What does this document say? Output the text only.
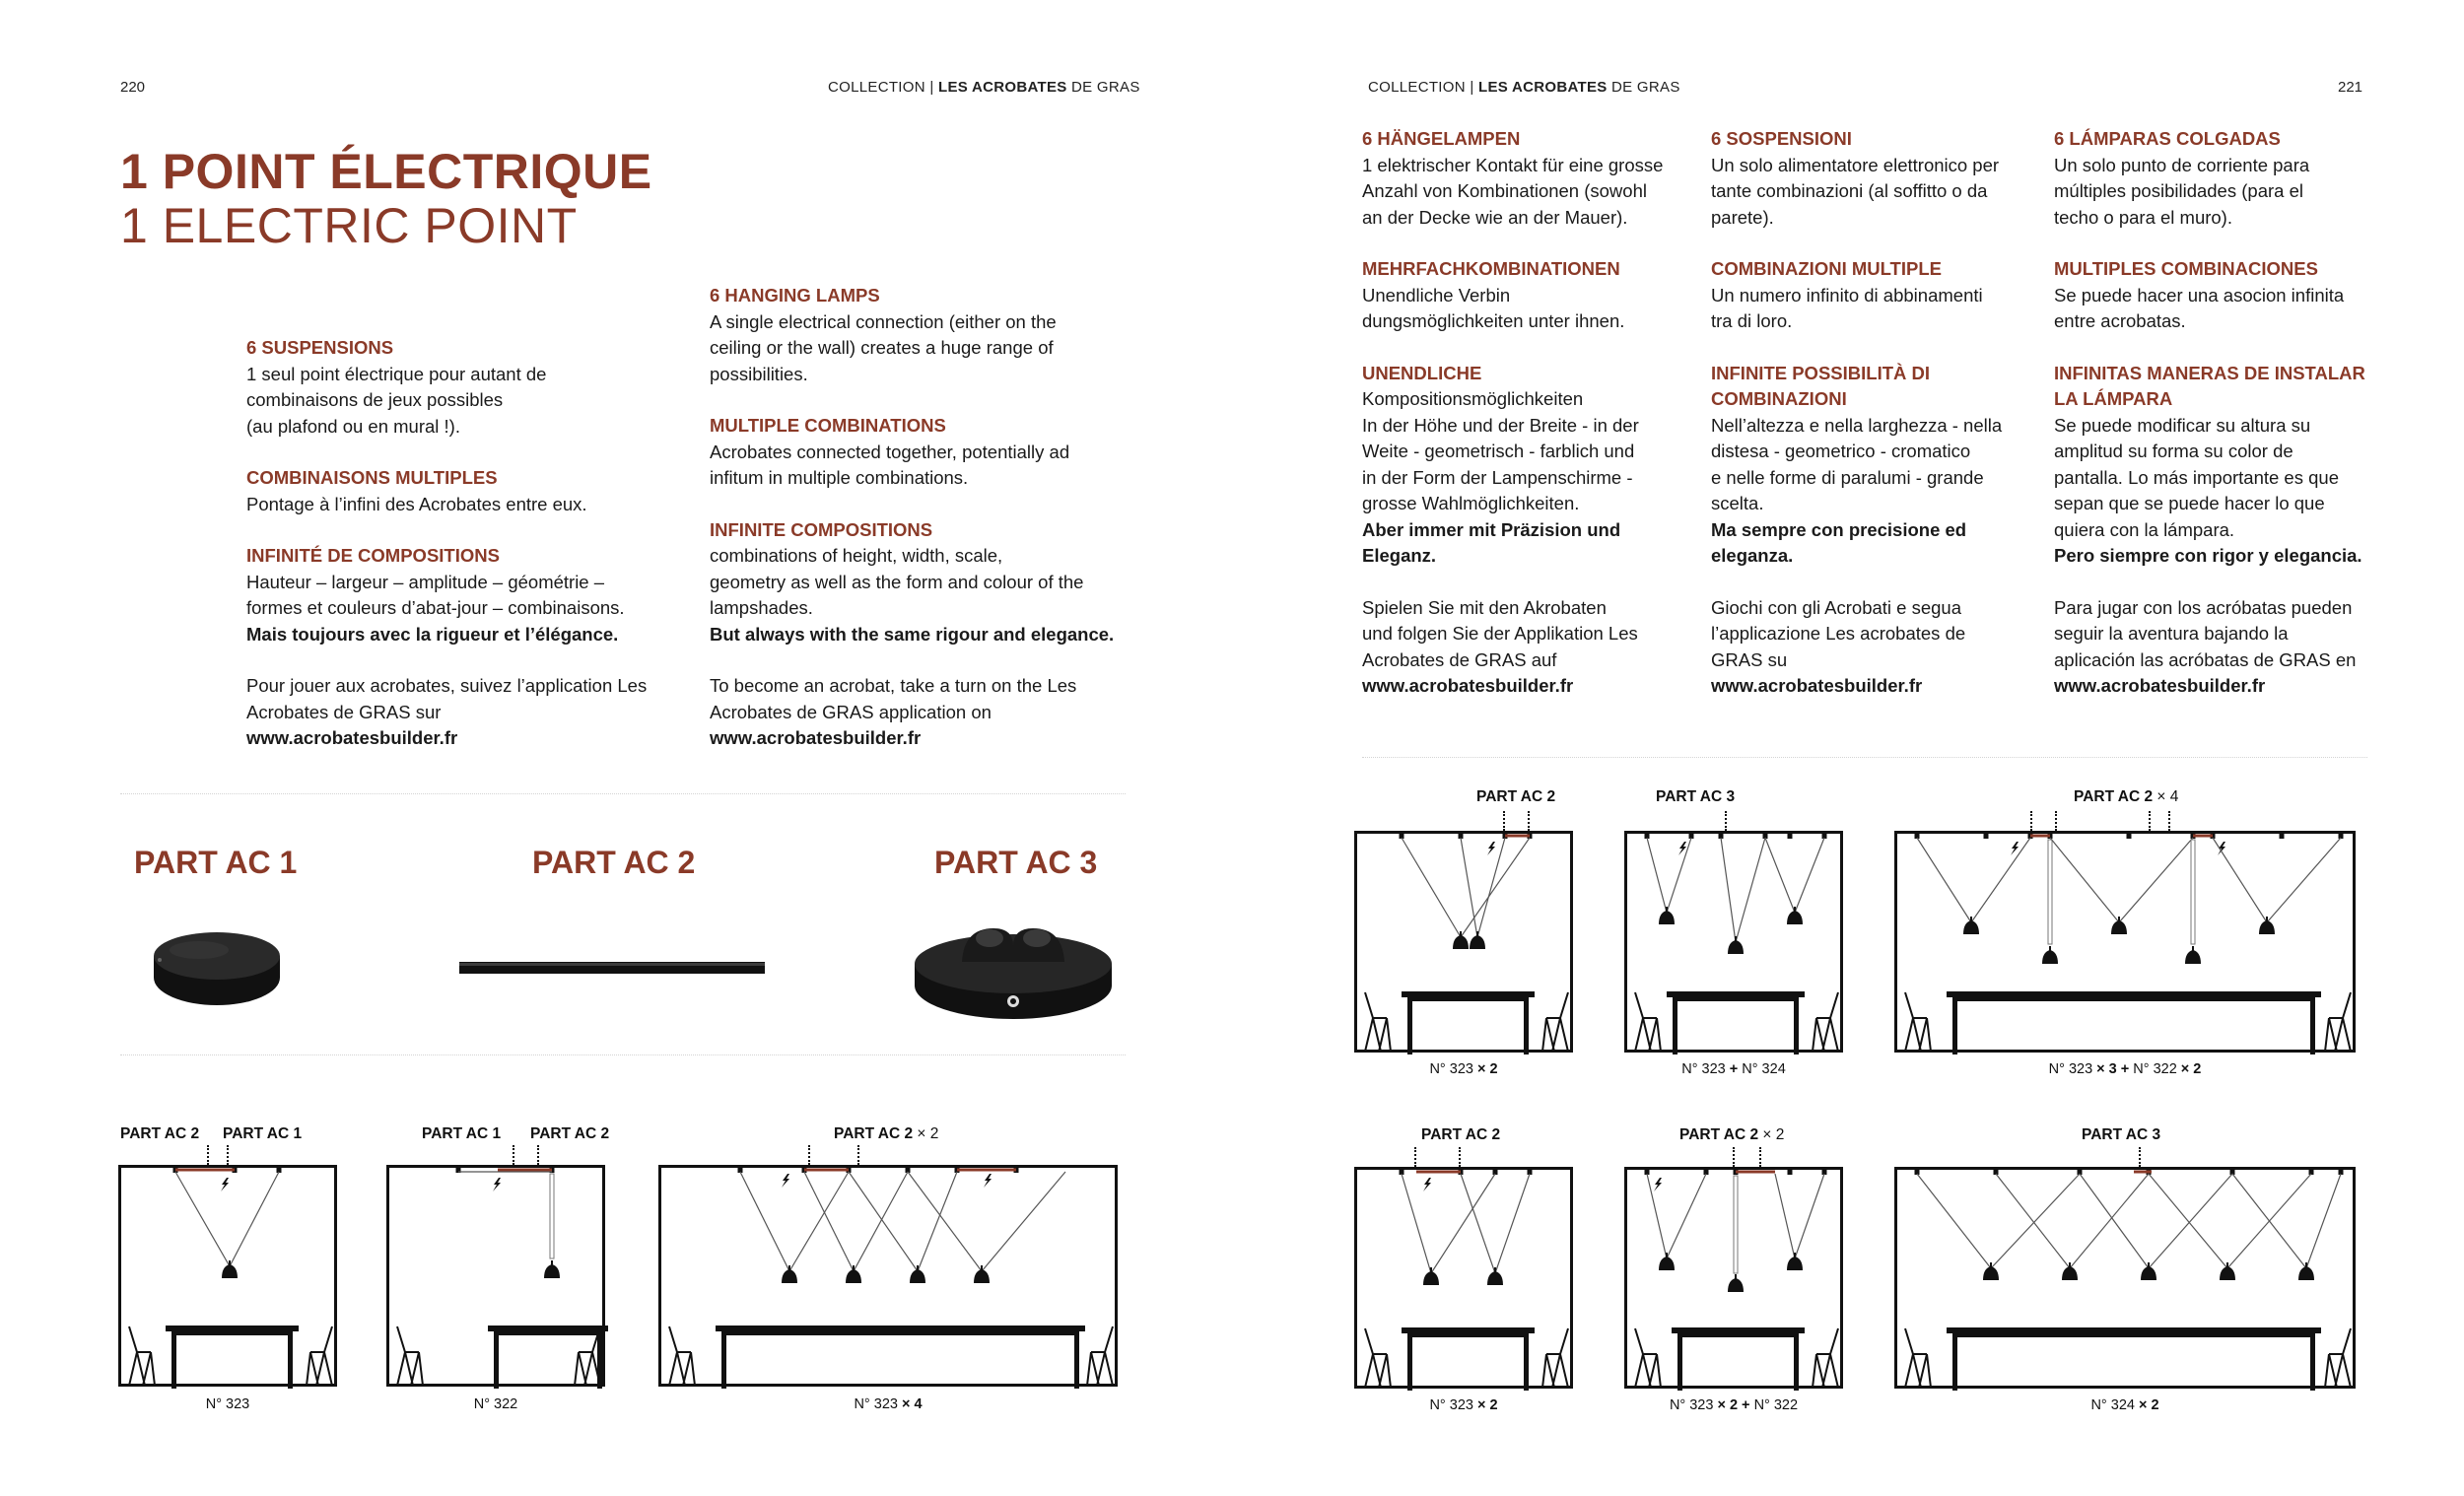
220	COLLECTION | LES ACROBATES DE GRAS	COLLECTION | LES ACROBATES DE GRAS	221
1 POINT ÉLECTRIQUE
1 ELECTRIC POINT
6 SUSPENSIONS
1 seul point électrique pour autant de
combinaisons de jeux possibles
(au plafond ou en mural !).
COMBINAISONS MULTIPLES
Pontage à l’infini des Acrobates entre eux.
INFINITÉ DE COMPOSITIONS
Hauteur – largeur – amplitude – géométrie –
formes et couleurs d’abat-jour – combinaisons.
Mais toujours avec la rigueur et l’élégance.
Pour jouer aux acrobates, suivez l’application Les
Acrobates de GRAS sur
www.acrobatesbuilder.fr
6 HANGING LAMPS
A single electrical connection (either on the
ceiling or the wall) creates a huge range of
possibilities.
MULTIPLE COMBINATIONS
Acrobates connected together, potentially ad
infitum in multiple combinations.
INFINITE COMPOSITIONS
combinations of height, width, scale,
geometry as well as the form and colour of the
lampshades.
But always with the same rigour and elegance.
To become an acrobat, take a turn on the Les
Acrobates de GRAS application on
www.acrobatesbuilder.fr
6 HÄNGELAMPEN
1 elektrischer Kontakt für eine grosse
Anzahl von Kombinationen (sowohl
an der Decke wie an der Mauer).
MEHRFACHKOMBINATIONEN
Unendliche Verbin
dungsmöglichkeiten unter ihnen.
UNENDLICHE
Kompositionsmöglichkeiten
In der Höhe und der Breite - in der
Weite - geometrisch - farblich und
in der Form der Lampenschirme -
grosse Wahlmöglichkeiten.
Aber immer mit Präzision und
Eleganz.
Spielen Sie mit den Akrobaten
und folgen Sie der Applikation Les
Acrobates de GRAS auf
www.acrobatesbuilder.fr
6 SOSPENSIONI
Un solo alimentatore elettronico per
tante combinazioni (al soffitto o da
parete).
COMBINAZIONI MULTIPLE
Un numero infinito di abbinamenti
tra di loro.
INFINITE POSSIBILITÀ DI
COMBINAZIONI
Nell’altezza e nella larghezza - nella
distesa - geometrico - cromatico
e nelle forme di paralumi - grande
scelta.
Ma sempre con precisione ed
eleganza.
Giochi con gli Acrobati e segua
l’applicazione Les acrobates de
GRAS su
www.acrobatesbuilder.fr
6 LÁMPARAS COLGADAS
Un solo punto de corriente para
múltiples posibilidades (para el
techo o para el muro).
MULTIPLES COMBINACIONES
Se puede hacer una asocion infinita
entre acrobatas.
INFINITAS MANERAS DE INSTALAR
LA LÁMPARA
Se puede modificar su altura su
amplitud su forma su color de
pantalla. Lo más importante es que
sepan que se puede hacer lo que
quiera con la lámpara.
Pero siempre con rigor y elegancia.
Para jugar con los acróbatas pueden
seguir la aventura bajando la
aplicación las acróbatas de GRAS en
www.acrobatesbuilder.fr
PART AC 1	PART AC 2	PART AC 3
PART AC 2 PART AC 1	PART AC 1 PART AC 2	PART AC 2 × 2
PART AC 2	PART AC 3	PART AC 2 × 4
PART AC 2	PART AC 2 × 2	PART AC 3
N° 323	N° 322	N° 323 × 4
N° 323 × 2	N° 323 + N° 324	N° 323 × 3 + N° 322 × 2
N° 323 × 2	N° 323 × 2 + N° 322	N° 324 × 2
